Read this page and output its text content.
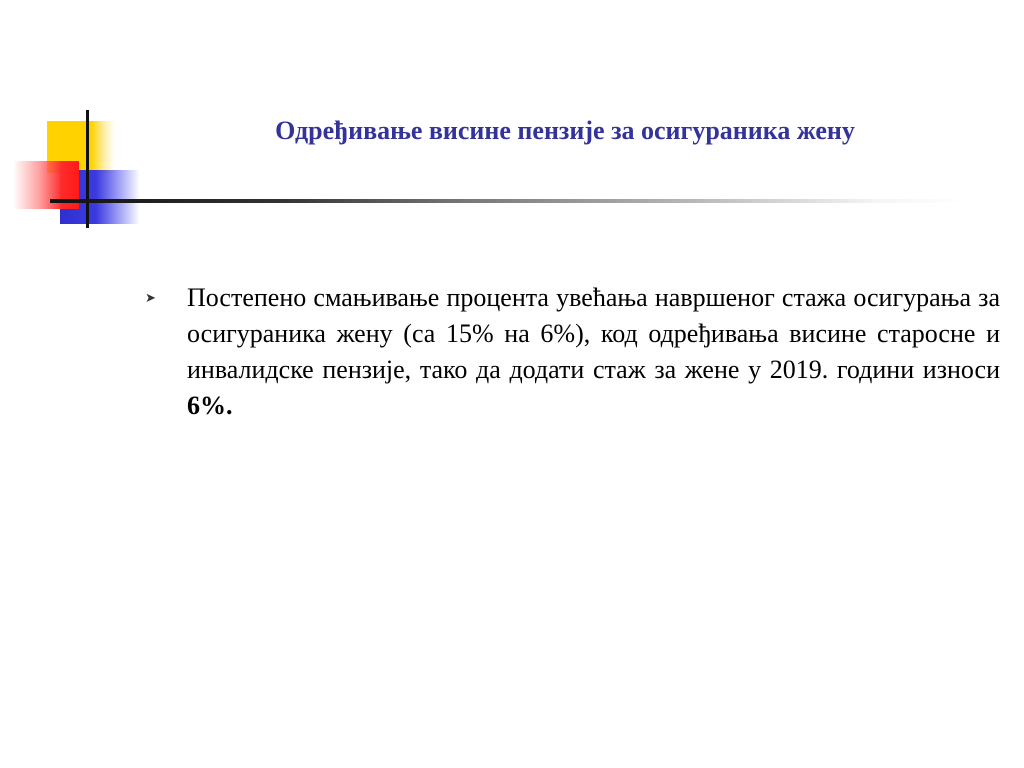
Одређивање висине пензије за осигураника жену
➤	Постепено смањивање процента увећања навршеног стажа осигурања за осигураника жену (са 15% на 6%), код одређивања висине старосне и инвалидске пензије, тако да додати стаж за жене у 2019. години износи 6%.
